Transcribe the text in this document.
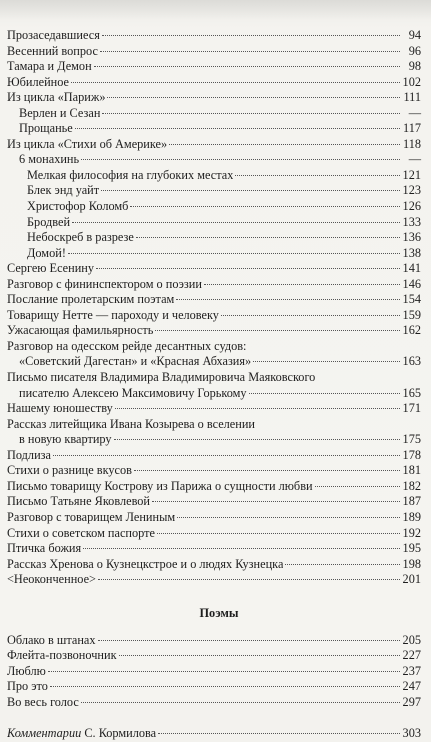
Прозаседавшиеся	94
Весенний вопрос	96
Тамара и Демон	98
Юбилейное	102
Из цикла «Париж»	111
Верлен и Сезан	—
Прощанье	117
Из цикла «Стихи об Америке»	118
6 монахинь	—
Мелкая философия на глубоких местах	121
Блек энд уайт	123
Христофор Коломб	126
Бродвей	133
Небоскреб в разрезе	136
Домой!	138
Сергею Есенину	141
Разговор с фининспектором о поэзии	146
Послание пролетарским поэтам	154
Товарищу Нетте — пароходу и человеку	159
Ужасающая фамильярность	162
Разговор на одесском рейде десантных судов:
«Советский Дагестан» и «Красная Абхазия»	163
Письмо писателя Владимира Владимировича Маяковского
писателю Алексею Максимовичу Горькому	165
Нашему юношеству	171
Рассказ литейщика Ивана Козырева о вселении
в новую квартиру	175
Подлиза	178
Стихи о разнице вкусов	181
Письмо товарищу Кострову из Парижа о сущности любви	182
Письмо Татьяне Яковлевой	187
Разговор с товарищем Лениным	189
Стихи о советском паспорте	192
Птичка божия	195
Рассказ Хренова о Кузнецкстрое и о людях Кузнецка	198
<Неоконченное>	201
Поэмы
Облако в штанах	205
Флейта-позвоночник	227
Люблю	237
Про это	247
Во весь голос	297
Комментарии С. Кормилова	303
